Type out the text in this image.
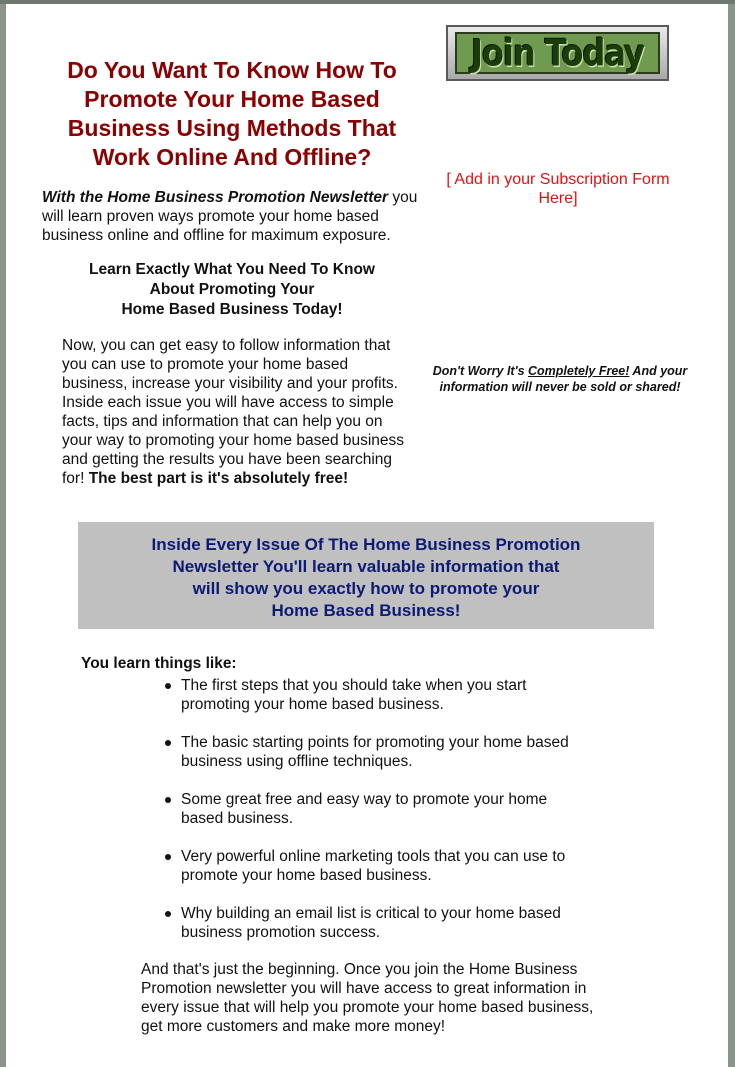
Do You Want To Know How To Promote Your Home Based Business Using Methods That Work Online And Offline?
Join Today
[ Add in your Subscription Form Here]
Don't Worry It's Completely Free! And your information will never be sold or shared!
With the Home Business Promotion Newsletter you will learn proven ways promote your home based business online and offline for maximum exposure.
Learn Exactly What You Need To Know
About Promoting Your
Home Based Business Today!
Now, you can get easy to follow information that you can use to promote your home based business, increase your visibility and your profits. Inside each issue you will have access to simple facts, tips and information that can help you on your way to promoting your home based business and getting the results you have been searching for! The best part is it's absolutely free!
Inside Every Issue Of The Home Business Promotion
Newsletter You'll learn valuable information that
will show you exactly how to promote your
Home Based Business!
You learn things like:
The first steps that you should take when you start promoting your home based business.
The basic starting points for promoting your home based business using offline techniques.
Some great free and easy way to promote your home based business.
Very powerful online marketing tools that you can use to promote your home based business.
Why building an email list is critical to your home based business promotion success.
And that's just the beginning. Once you join the Home Business Promotion newsletter you will have access to great information in every issue that will help you promote your home based business, get more customers and make more money!
